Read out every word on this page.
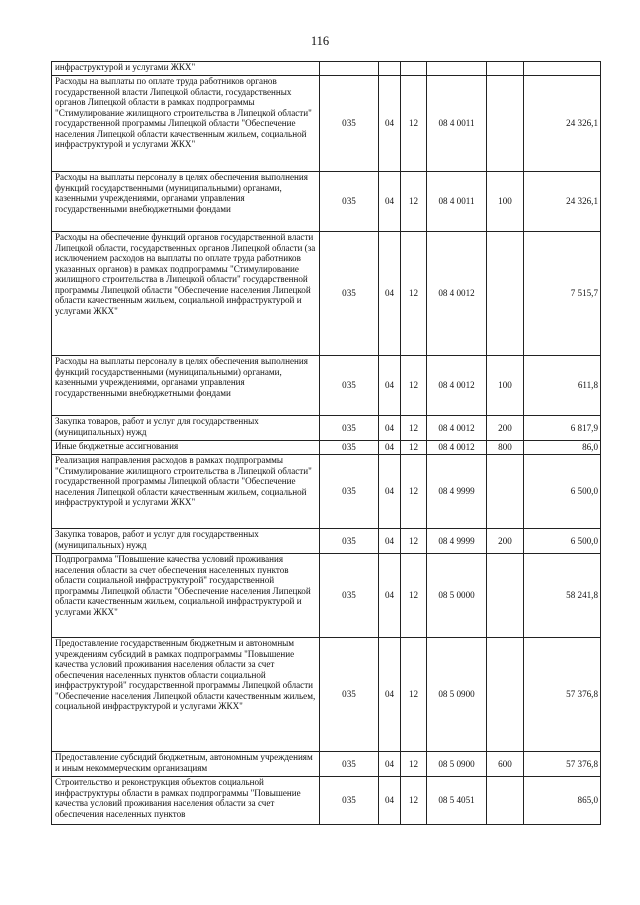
116
инфраструктурой и услугами ЖКХ"						
Расходы на выплаты по оплате труда работников органов государственной власти Липецкой области, государственных органов Липецкой области в рамках подпрограммы "Стимулирование жилищного строительства в Липецкой области" государственной программы Липецкой области "Обеспечение населения Липецкой области качественным жильем, социальной инфраструктурой и услугами ЖКХ"	035	04	12	08 4 0011		24 326,1
Расходы на выплаты персоналу в целях обеспечения выполнения функций государственными (муниципальными) органами, казенными учреждениями, органами управления государственными внебюджетными фондами	035	04	12	08 4 0011	100	24 326,1
Расходы на обеспечение функций органов государственной власти Липецкой области, государственных органов Липецкой области (за исключением расходов на выплаты по оплате труда работников указанных органов) в рамках подпрограммы "Стимулирование жилищного строительства в Липецкой области" государственной программы Липецкой области "Обеспечение населения Липецкой области качественным жильем, социальной инфраструктурой и услугами ЖКХ"	035	04	12	08 4 0012		7 515,7
Расходы на выплаты персоналу в целях обеспечения выполнения функций государственными (муниципальными) органами, казенными учреждениями, органами управления государственными внебюджетными фондами	035	04	12	08 4 0012	100	611,8
Закупка товаров, работ и услуг для государственных (муниципальных) нужд	035	04	12	08 4 0012	200	6 817,9
Иные бюджетные ассигнования	035	04	12	08 4 0012	800	86,0
Реализация направления расходов в рамках подпрограммы "Стимулирование жилищного строительства в Липецкой области" государственной программы Липецкой области "Обеспечение населения Липецкой области качественным жильем, социальной инфраструктурой и услугами ЖКХ"	035	04	12	08 4 9999		6 500,0
Закупка товаров, работ и услуг для государственных (муниципальных) нужд	035	04	12	08 4 9999	200	6 500,0
Подпрограмма "Повышение качества условий проживания населения области за счет обеспечения населенных пунктов области социальной инфраструктурой" государственной программы Липецкой области "Обеспечение населения Липецкой области качественным жильем, социальной инфраструктурой и услугами ЖКХ"	035	04	12	08 5 0000		58 241,8
Предоставление государственным бюджетным и автономным учреждениям субсидий в рамках подпрограммы "Повышение качества условий проживания населения области за счет обеспечения населенных пунктов области социальной инфраструктурой" государственной программы Липецкой области "Обеспечение населения Липецкой области качественным жильем, социальной инфраструктурой и услугами ЖКХ"	035	04	12	08 5 0900		57 376,8
Предоставление субсидий бюджетным, автономным учреждениям и иным некоммерческим организациям	035	04	12	08 5 0900	600	57 376,8
Строительство и реконструкция объектов социальной инфраструктуры области в рамках подпрограммы "Повышение качества условий проживания населения области за счет обеспечения населенных пунктов	035	04	12	08 5 4051		865,0
